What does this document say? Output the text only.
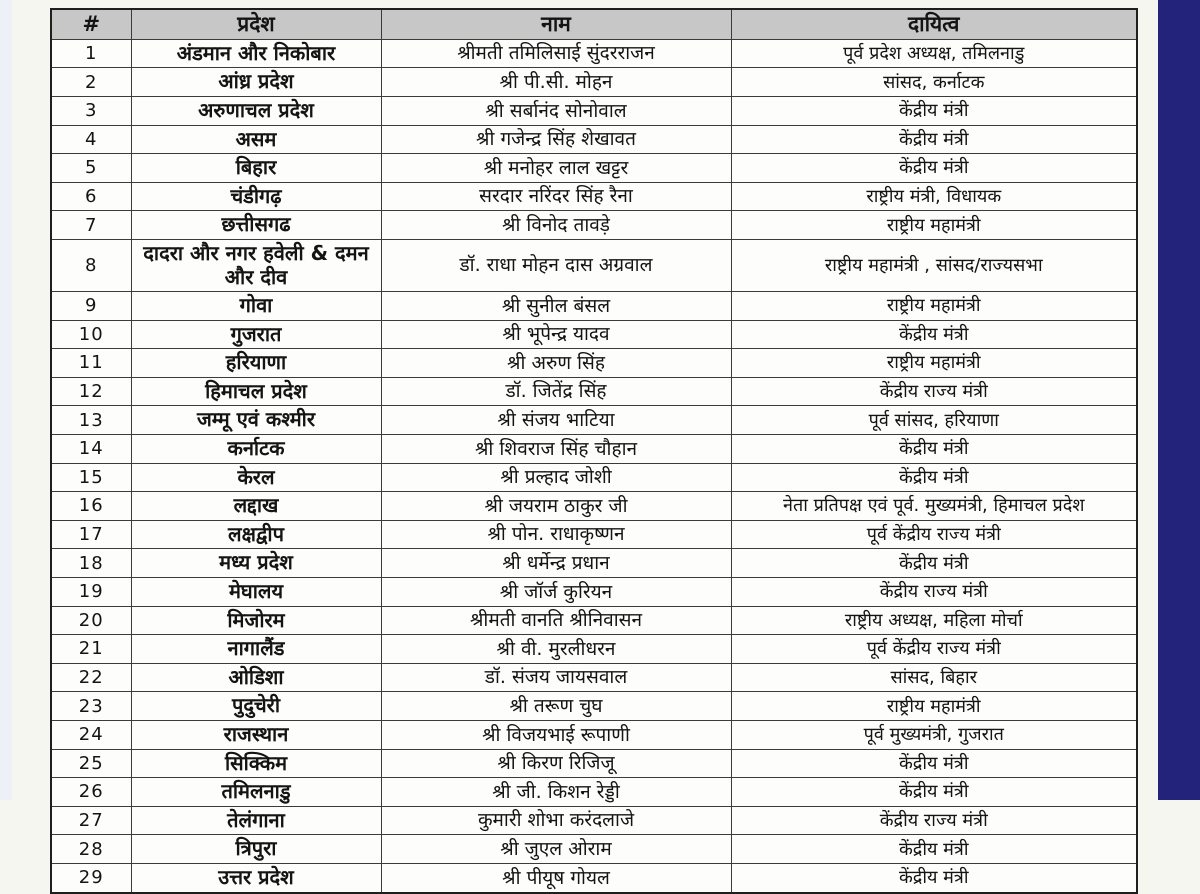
#	प्रदेश	नाम	दायित्व
1	अंडमान और निकोबार	श्रीमती तमिलिसाई सुंदरराजन	पूर्व प्रदेश अध्यक्ष, तमिलनाडु
2	आंध्र प्रदेश	श्री पी.सी. मोहन	सांसद, कर्नाटक
3	अरुणाचल प्रदेश	श्री सर्बानंद सोनोवाल	केंद्रीय मंत्री
4	असम	श्री गजेन्द्र सिंह शेखावत	केंद्रीय मंत्री
5	बिहार	श्री मनोहर लाल खट्टर	केंद्रीय मंत्री
6	चंडीगढ़	सरदार नरिंदर सिंह रैना	राष्ट्रीय मंत्री, विधायक
7	छत्तीसगढ	श्री विनोद तावड़े	राष्ट्रीय महामंत्री
8	दादरा और नगर हवेली & दमन और दीव	डॉ. राधा मोहन दास अग्रवाल	राष्ट्रीय महामंत्री , सांसद/राज्यसभा
9	गोवा	श्री सुनील बंसल	राष्ट्रीय महामंत्री
10	गुजरात	श्री भूपेन्द्र यादव	केंद्रीय मंत्री
11	हरियाणा	श्री अरुण सिंह	राष्ट्रीय महामंत्री
12	हिमाचल प्रदेश	डॉ. जितेंद्र सिंह	केंद्रीय राज्य मंत्री
13	जम्मू एवं कश्मीर	श्री संजय भाटिया	पूर्व सांसद, हरियाणा
14	कर्नाटक	श्री शिवराज सिंह चौहान	केंद्रीय मंत्री
15	केरल	श्री प्रल्हाद जोशी	केंद्रीय मंत्री
16	लद्दाख	श्री जयराम ठाकुर जी	नेता प्रतिपक्ष एवं पूर्व. मुख्यमंत्री, हिमाचल प्रदेश
17	लक्षद्वीप	श्री पोन. राधाकृष्णन	पूर्व केंद्रीय राज्य मंत्री
18	मध्य प्रदेश	श्री धर्मेन्द्र प्रधान	केंद्रीय मंत्री
19	मेघालय	श्री जॉर्ज कुरियन	केंद्रीय राज्य मंत्री
20	मिजोरम	श्रीमती वानति श्रीनिवासन	राष्ट्रीय अध्यक्ष, महिला मोर्चा
21	नागालैंड	श्री वी. मुरलीधरन	पूर्व केंद्रीय राज्य मंत्री
22	ओडिशा	डॉ. संजय जायसवाल	सांसद, बिहार
23	पुदुचेरी	श्री तरूण चुघ	राष्ट्रीय महामंत्री
24	राजस्थान	श्री विजयभाई रूपाणी	पूर्व मुख्यमंत्री, गुजरात
25	सिक्किम	श्री किरण रिजिजू	केंद्रीय मंत्री
26	तमिलनाडु	श्री जी. किशन रेड्डी	केंद्रीय मंत्री
27	तेलंगाना	कुमारी शोभा करंदलाजे	केंद्रीय राज्य मंत्री
28	त्रिपुरा	श्री जुएल ओराम	केंद्रीय मंत्री
29	उत्तर प्रदेश	श्री पीयूष गोयल	केंद्रीय मंत्री
